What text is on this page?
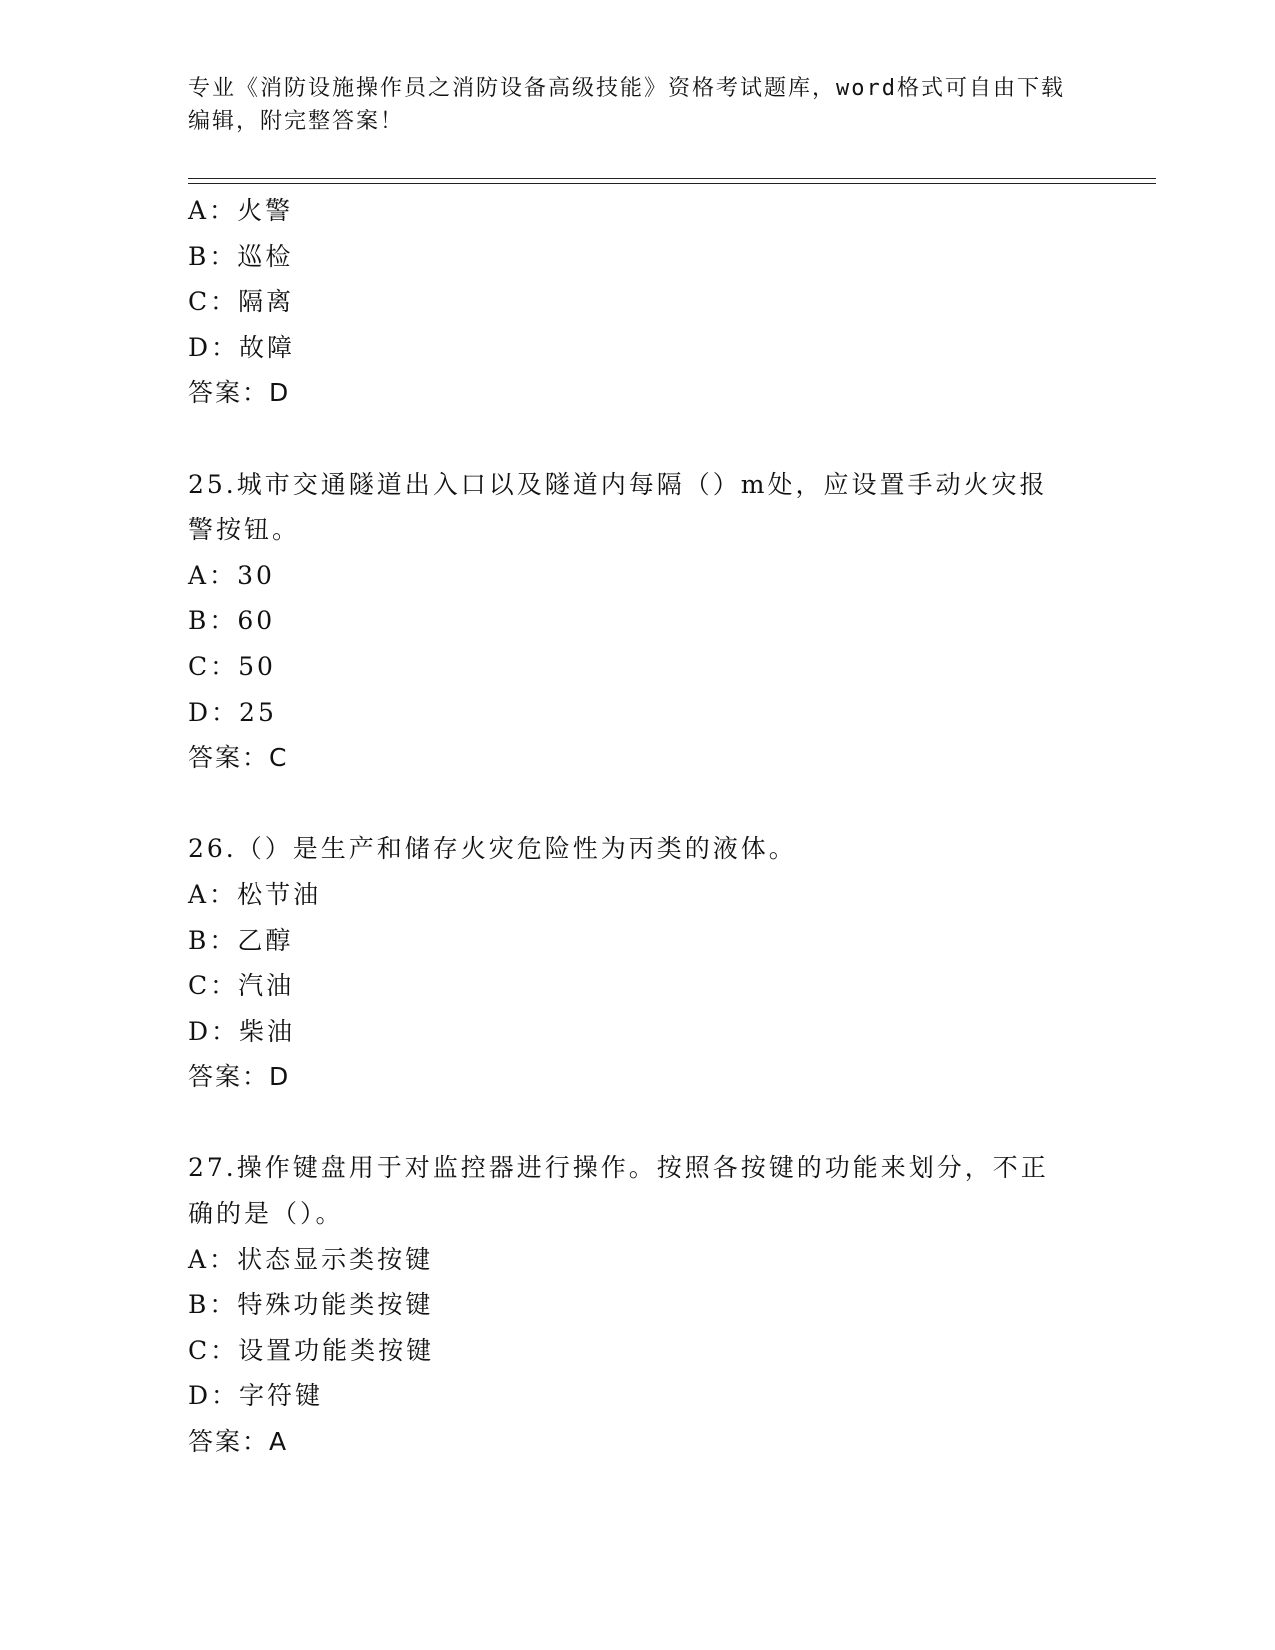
专业《消防设施操作员之消防设备高级技能》资格考试题库，word格式可自由下载编辑，附完整答案！
A：火警
B：巡检
C：隔离
D：故障
答案：D
25.城市交通隧道出入口以及隧道内每隔（）m处，应设置手动火灾报警按钮。
A：30
B：60
C：50
D：25
答案：C
26.（）是生产和储存火灾危险性为丙类的液体。
A：松节油
B：乙醇
C：汽油
D：柴油
答案：D
27.操作键盘用于对监控器进行操作。按照各按键的功能来划分，不正确的是（）。
A：状态显示类按键
B：特殊功能类按键
C：设置功能类按键
D：字符键
答案：A
